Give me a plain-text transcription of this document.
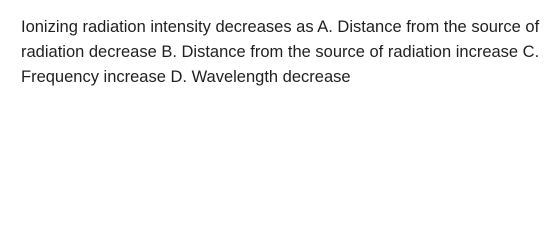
Ionizing radiation intensity decreases as A. Distance from the source of radiation decrease B. Distance from the source of radiation increase C. Frequency increase D. Wavelength decrease
